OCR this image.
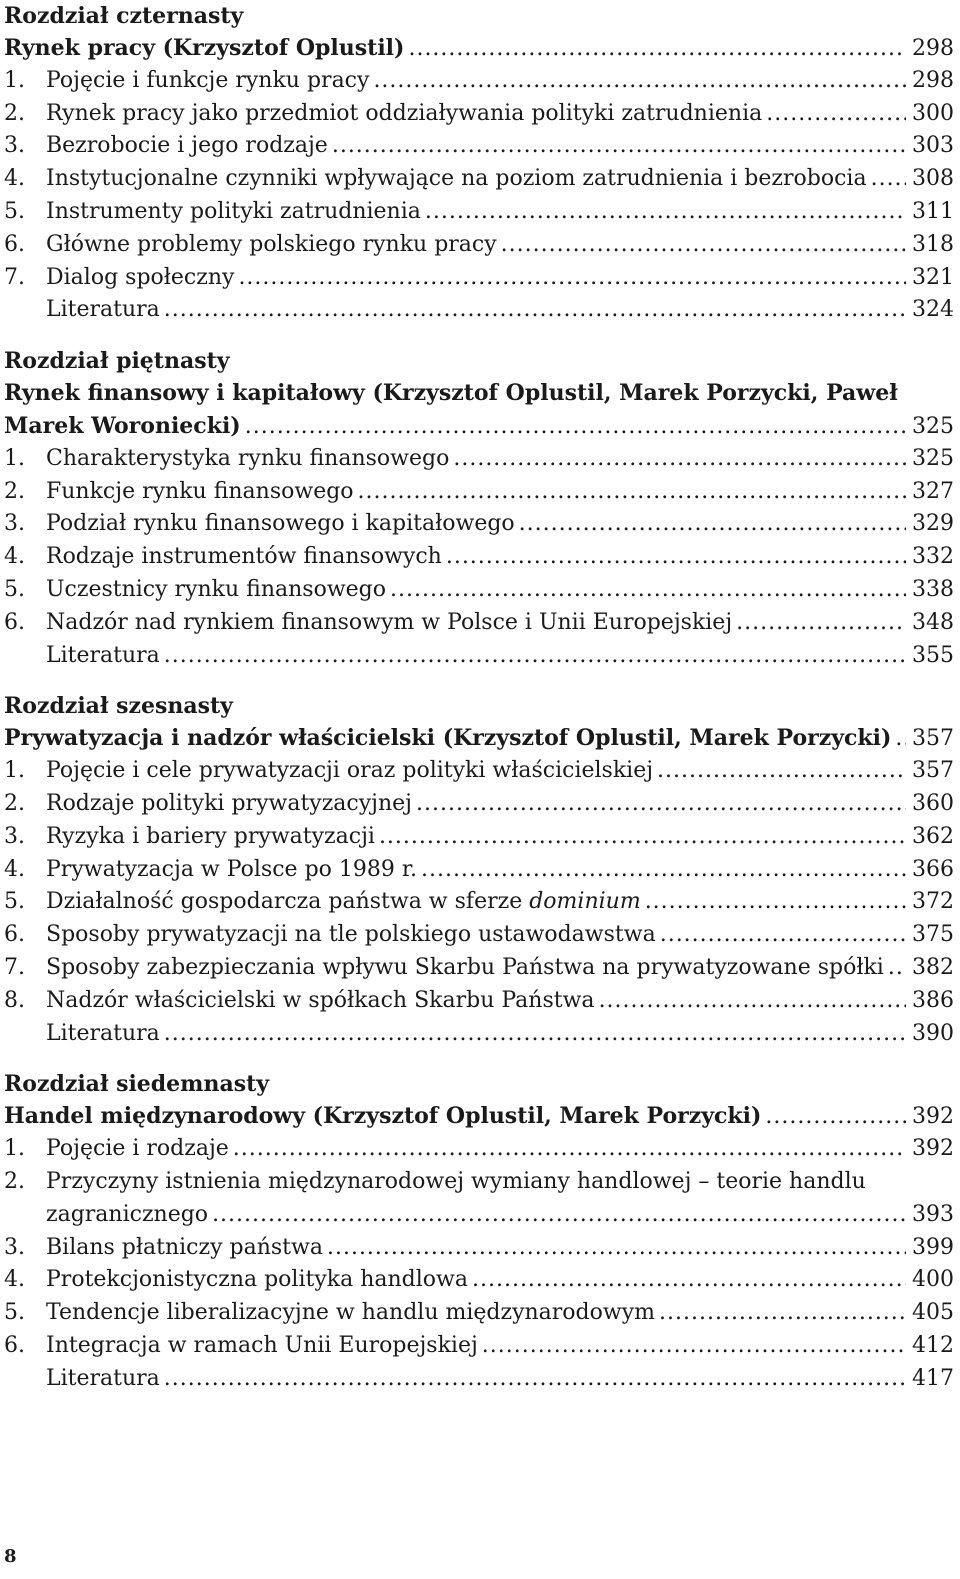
Rozdział czternasty
Rynek pracy (Krzysztof Oplustil) .....	298
1. Pojęcie i funkcje rynku pracy .....	298
2. Rynek pracy jako przedmiot oddziaływania polityki zatrudnienia .....	300
3. Bezrobocie i jego rodzaje .....	303
4. Instytucjonalne czynniki wpływające na poziom zatrudnienia i bezrobocia ..... 308
5. Instrumenty polityki zatrudnienia .....	311
6. Główne problemy polskiego rynku pracy .....	318
7. Dialog społeczny .....	321
Literatura .....	324
Rozdział piętnasty
Rynek finansowy i kapitałowy (Krzysztof Oplustil, Marek Porzycki, Paweł
Marek Woroniecki) .....	325
1. Charakterystyka rynku finansowego .....	325
2. Funkcje rynku finansowego .....	327
3. Podział rynku finansowego i kapitałowego .....	329
4. Rodzaje instrumentów finansowych .....	332
5. Uczestnicy rynku finansowego .....	338
6. Nadzór nad rynkiem finansowym w Polsce i Unii Europejskiej .....	348
Literatura .....	355
Rozdział szesnasty
Prywatyzacja i nadzór właścicielski (Krzysztof Oplustil, Marek Porzycki) ..... 357
1. Pojęcie i cele prywatyzacji oraz polityki właścicielskiej .....	357
2. Rodzaje polityki prywatyzacyjnej .....	360
3. Ryzyka i bariery prywatyzacji .....	362
4. Prywatyzacja w Polsce po 1989 r. .....	366
5. Działalność gospodarcza państwa w sferze dominium .....	372
6. Sposoby prywatyzacji na tle polskiego ustawodawstwa .....	375
7. Sposoby zabezpieczania wpływu Skarbu Państwa na prywatyzowane spółki ..... 382
8. Nadzór właścicielski w spółkach Skarbu Państwa .....	386
Literatura .....	390
Rozdział siedemnasty
Handel międzynarodowy (Krzysztof Oplustil, Marek Porzycki) .....	392
1. Pojęcie i rodzaje .....	392
2. Przyczyny istnienia międzynarodowej wymiany handlowej – teorie handlu
zagranicznego .....	393
3. Bilans płatniczy państwa .....	399
4. Protekcjonistyczna polityka handlowa .....	400
5. Tendencje liberalizacyjne w handlu międzynarodowym .....	405
6. Integracja w ramach Unii Europejskiej .....	412
Literatura .....	417
8
